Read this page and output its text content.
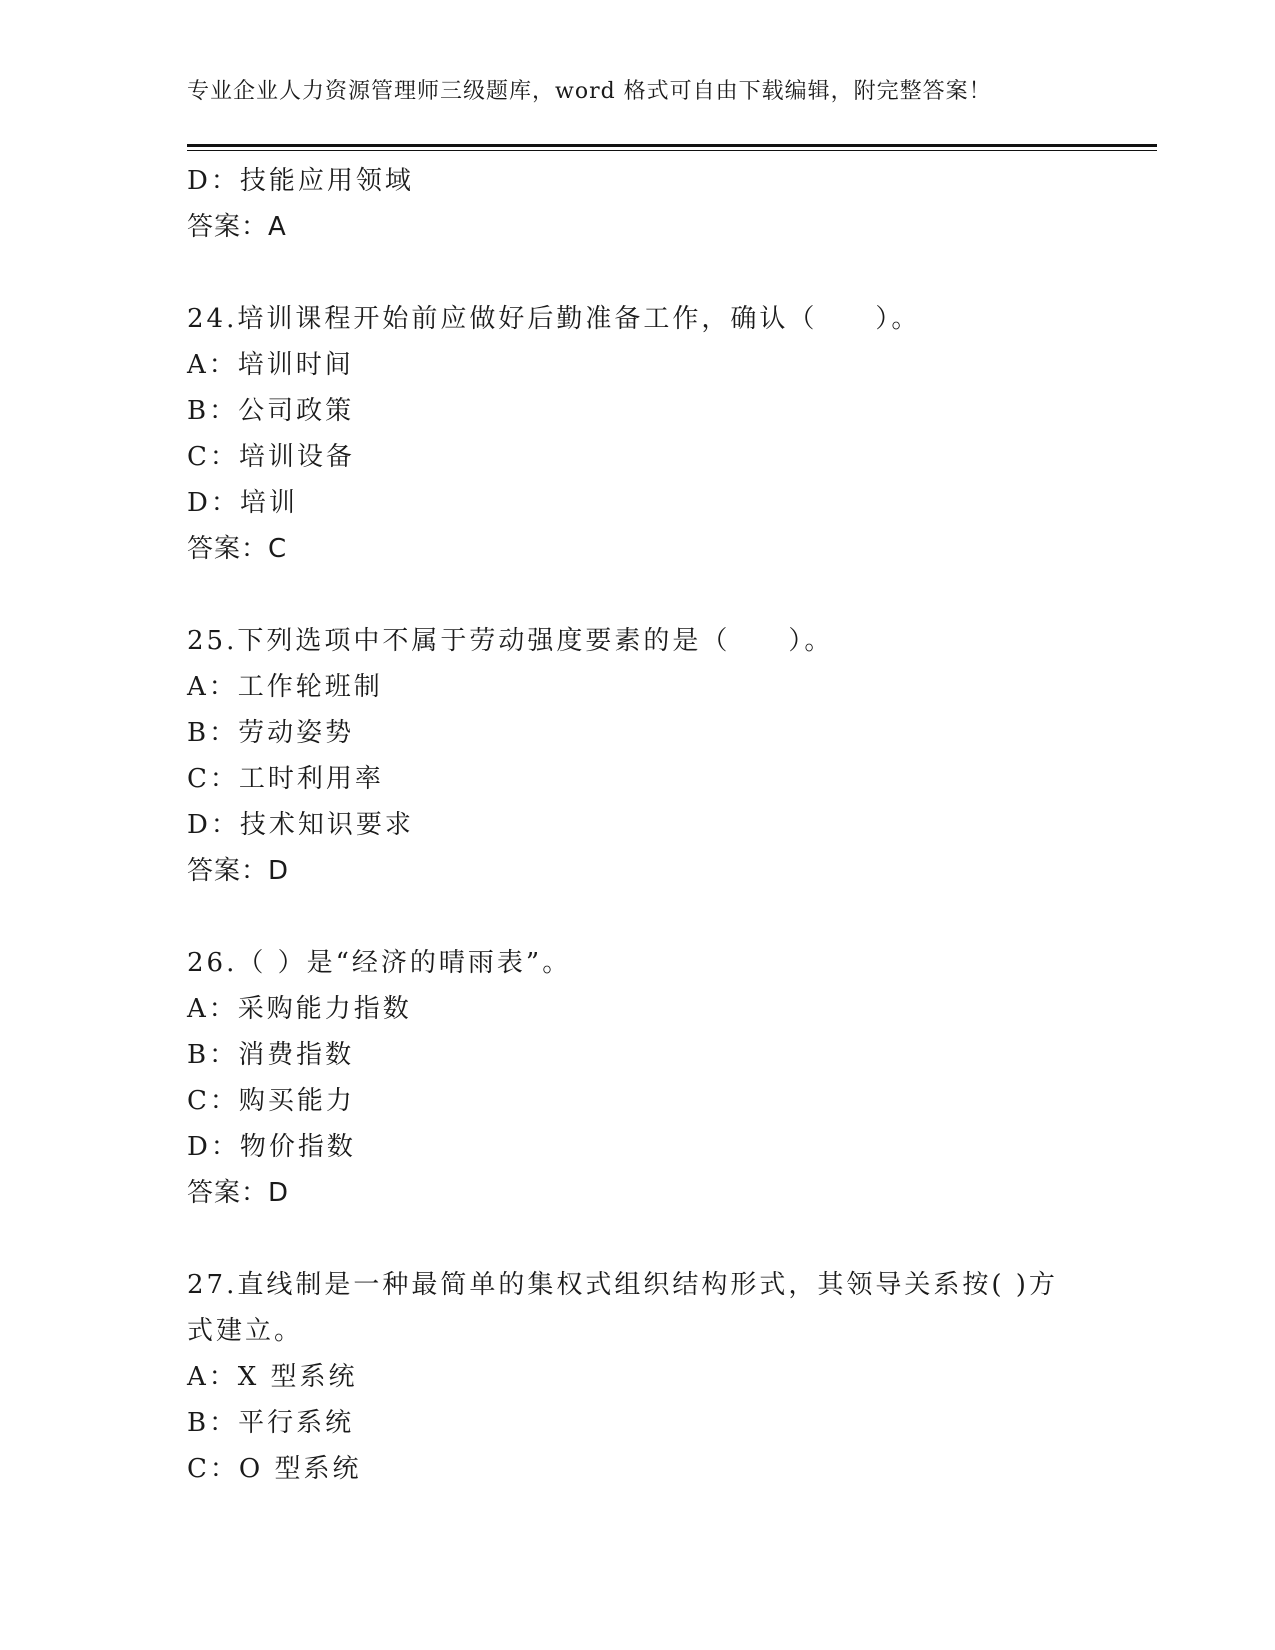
专业企业人力资源管理师三级题库，word 格式可自由下载编辑，附完整答案！
D：技能应用领域
答案：A
24.培训课程开始前应做好后勤准备工作，确认（　　）。
A：培训时间
B：公司政策
C：培训设备
D：培训
答案：C
25.下列选项中不属于劳动强度要素的是（　　）。
A：工作轮班制
B：劳动姿势
C：工时利用率
D：技术知识要求
答案：D
26.（ ）是“经济的晴雨表”。
A：采购能力指数
B：消费指数
C：购买能力
D：物价指数
答案：D
27.直线制是一种最简单的集权式组织结构形式，其领导关系按( )方
式建立。
A：X 型系统
B：平行系统
C：O 型系统
